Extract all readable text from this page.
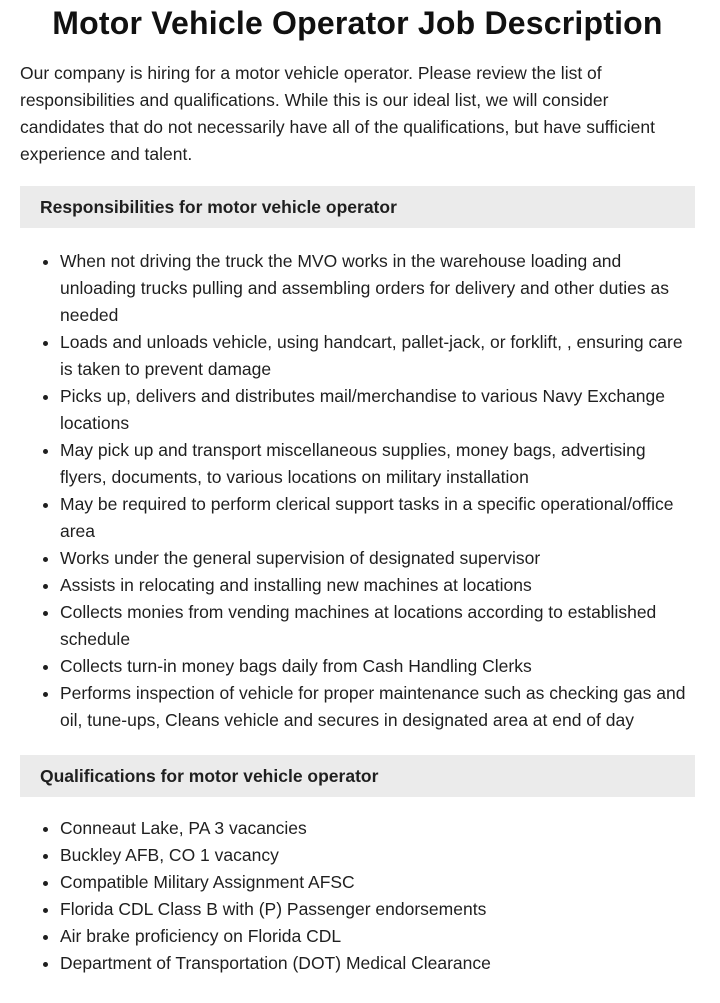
Motor Vehicle Operator Job Description

Our company is hiring for a motor vehicle operator. Please review the list of responsibilities and qualifications. While this is our ideal list, we will consider candidates that do not necessarily have all of the qualifications, but have sufficient experience and talent.

Responsibilities for motor vehicle operator
• When not driving the truck the MVO works in the warehouse loading and unloading trucks pulling and assembling orders for delivery and other duties as needed
• Loads and unloads vehicle, using handcart, pallet-jack, or forklift, , ensuring care is taken to prevent damage
• Picks up, delivers and distributes mail/merchandise to various Navy Exchange locations
• May pick up and transport miscellaneous supplies, money bags, advertising flyers, documents, to various locations on military installation
• May be required to perform clerical support tasks in a specific operational/office area
• Works under the general supervision of designated supervisor
• Assists in relocating and installing new machines at locations
• Collects monies from vending machines at locations according to established schedule
• Collects turn-in money bags daily from Cash Handling Clerks
• Performs inspection of vehicle for proper maintenance such as checking gas and oil, tune-ups, Cleans vehicle and secures in designated area at end of day
Qualifications for motor vehicle operator
• Conneaut Lake, PA 3 vacancies
• Buckley AFB, CO 1 vacancy
• Compatible Military Assignment AFSC
• Florida CDL Class B with (P) Passenger endorsements
• Air brake proficiency on Florida CDL
• Department of Transportation (DOT) Medical Clearance
